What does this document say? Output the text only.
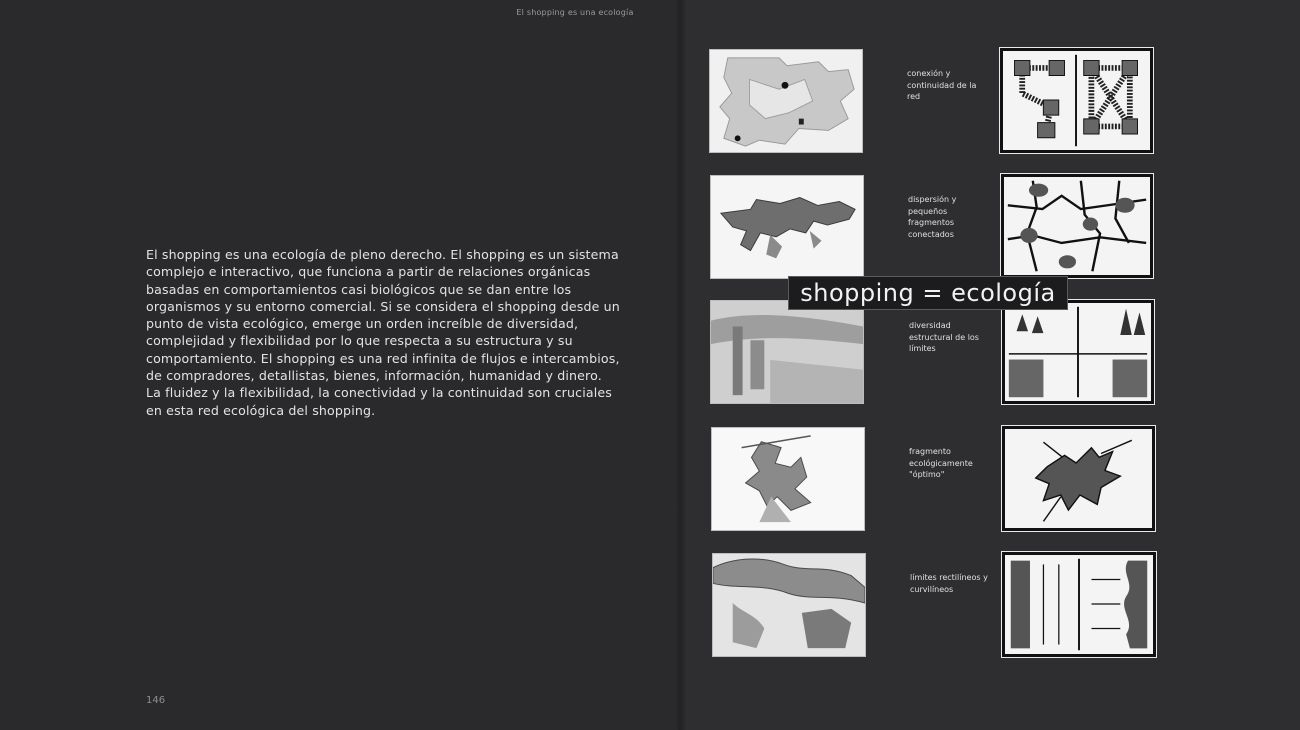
El shopping es una ecología

El shopping es una ecología de pleno derecho. El shopping es un sistema complejo e interactivo, que funciona a partir de relaciones orgánicas basadas en comportamientos casi biológicos que se dan entre los organismos y su entorno comercial. Si se considera el shopping desde un punto de vista ecológico, emerge un orden increíble de diversidad, complejidad y flexibilidad por lo que respecta a su estructura y su comportamiento. El shopping es una red infinita de flujos e intercambios, de compradores, detallistas, bienes, información, humanidad y dinero. La fluidez y la flexibilidad, la conectividad y la continuidad son cruciales en esta red ecológica del shopping.

146

conexión y continuidad de la red

dispersión y pequeños fragmentos conectados

diversidad estructural de los límites

fragmento ecológicamente "óptimo"

límites rectilíneos y curvilíneos

shopping = ecología
